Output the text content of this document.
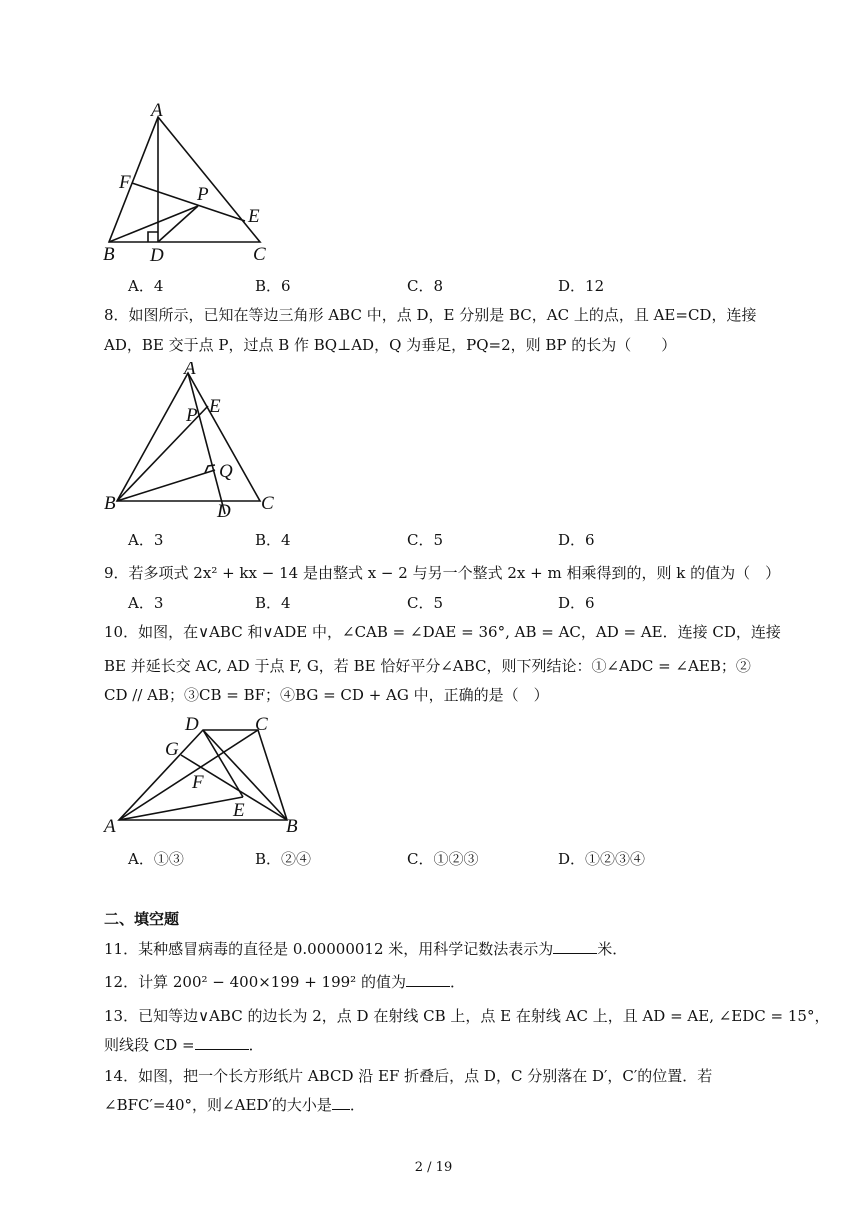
A
F
P
E
B D	C
A．4	B．6	C．8	D．12
8．如图所示，已知在等边三角形 ABC 中，点 D，E 分别是 BC，AC 上的点，且 AE=CD，连接
AD，BE 交于点 P，过点 B 作 BQ⊥AD，Q 为垂足，PQ=2，则 BP 的长为（　　）
A
E
P
Q
B	C
D
A．3	B．4	C．5	D．6
9．若多项式 2x² + kx − 14 是由整式 x − 2 与另一个整式 2x + m 相乘得到的，则 k 的值为（　）
A．3	B．4	C．5	D．6
10．如图，在∨ABC 和∨ADE 中，∠CAB = ∠DAE = 36°, AB = AC，AD = AE．连接 CD，连接
BE 并延长交 AC, AD 于点 F, G，若 BE 恰好平分∠ABC，则下列结论：①∠ADC = ∠AEB；②
CD // AB；③CB = BF；④BG = CD + AG 中，正确的是（　）
D	C
G
F
E
A	B
A．①③	B．②④	C．①②③	D．①②③④
二、填空题
11．某种感冒病毒的直径是 0.00000012 米，用科学记数法表示为	米．
12．计算 200² − 400×199 + 199² 的值为	．
13．已知等边∨ABC 的边长为 2，点 D 在射线 CB 上，点 E 在射线 AC 上，且 AD = AE, ∠EDC = 15°，
则线段 CD =	．
14．如图，把一个长方形纸片 ABCD 沿 EF 折叠后，点 D，C 分别落在 D′，C′的位置．若
∠BFC′=40°，则∠AED′的大小是 ．
2 / 19
